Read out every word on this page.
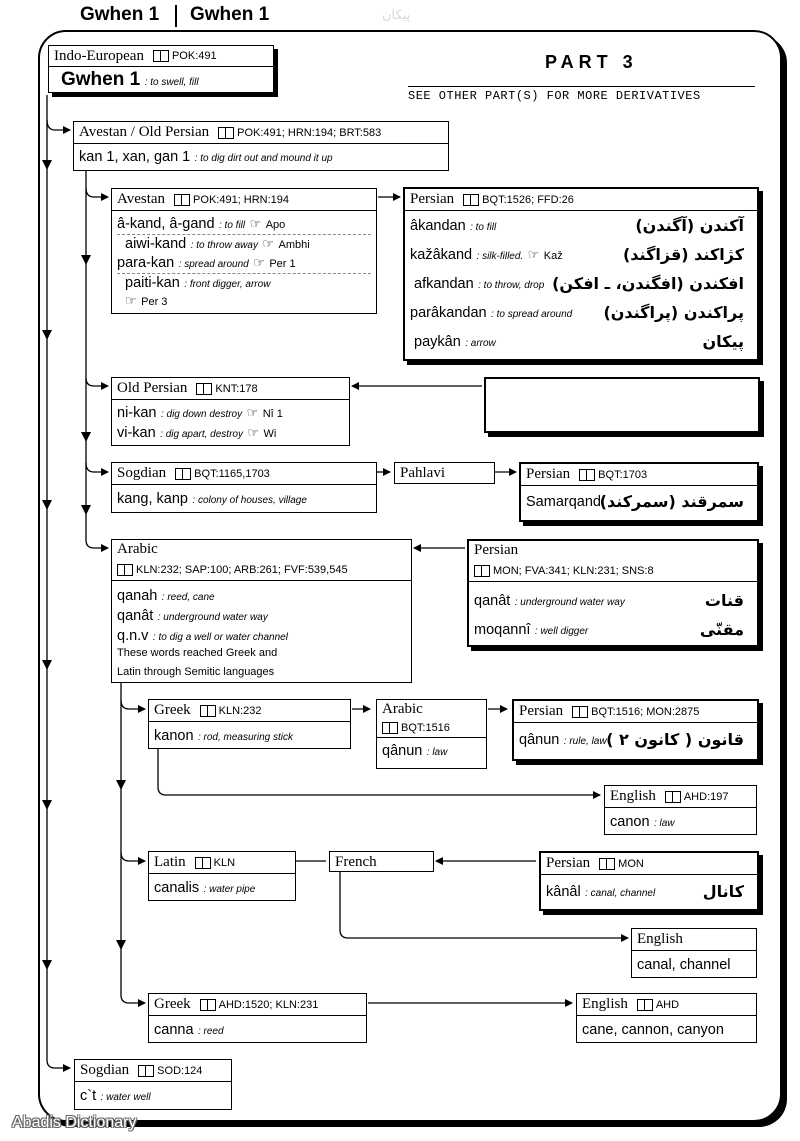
Gwhen 1 Gwhen 1	پیکان
PART 3
SEE OTHER PART(S) FOR MORE DERIVATIVES
Indo-European	POK:491
Gwhen 1 : to swell, fill
Avestan / Old Persian	POK:491; HRN:194; BRT:583
kan 1, xan, gan 1 : to dig dirt out and mound it up
Avestan	POK:491; HRN:194
â-kand, â-gand : to fill ☞ Apo
aiwi-kand : to throw away ☞ Ambhi
para-kan : spread around ☞ Per 1
paiti-kan : front digger, arrow
☞ Per 3
Persian	BQT:1526; FFD:26
âkandan : to fill	آکندن (آگندن)
kažâkand : silk-filled. ☞ Kaž	کژاکند (قزاگند)
afkandan : to throw, drop افکندن (افگندن، ـ افکن)
parâkandan : to spread around پراکندن (پراگندن)
paykân : arrow	پیکان
Old Persian	KNT:178
ni-kan : dig down destroy ☞ Nî 1
vi-kan : dig apart, destroy ☞ Wi
Sogdian	BQT:1165,1703
kang, kanp : colony of houses, village
Pahlavi	Persian	BQT:1703
Samarqand
سمرقند (سمرکند)
Arabic
KLN:232; SAP:100; ARB:261; FVF:539,545
qanah : reed, cane
qanât : underground water way
q.n.v : to dig a well or water channel
These words reached Greek and
Latin through Semitic languages
Persian
MON; FVA:341; KLN:231; SNS:8
qanât : underground water way	قنات
moqannî : well digger	مقنّی
Greek	KLN:232
kanon : rod, measuring stick
Arabic
BQT:1516
qânun : law
Persian	BQT:1516; MON:2875
qânun : rule, law قانون ( کانون ۲ )
English	AHD:197
canon : law
Latin	KLN
canalis : water pipe
French	Persian	MON
kânâl : canal, channel	کانال
English
canal, channel
Greek	AHD:1520; KLN:231
canna : reed
English	AHD
cane, cannon, canyon
Sogdian	SOD:124
c`t : water well
Abadis Dictionary
